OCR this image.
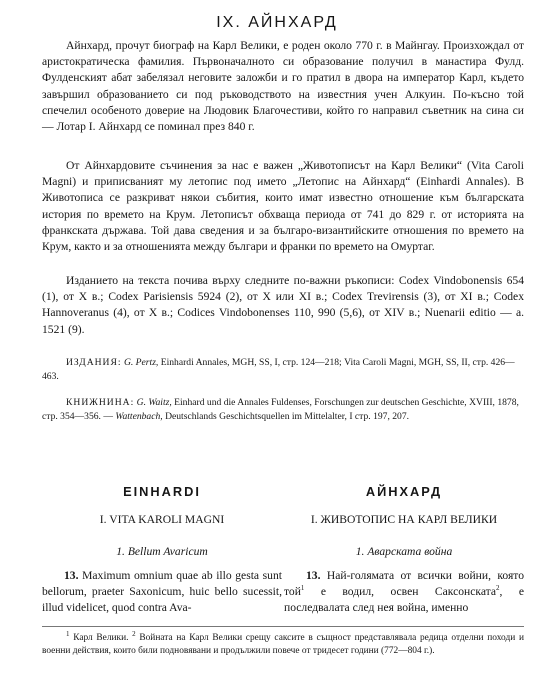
IX. АЙНХАРД

Айнхард, прочут биограф на Карл Велики, е роден около 770 г. в Майнгау. Произхождал от аристократическа фамилия. Първоначалното си образование получил в манастира Фулд. Фулденският абат забелязал неговите заложби и го пратил в двора на император Карл, където завършил образованието си под ръководството на известния учен Алкуин. По-късно той спечелил особеното доверие на Людовик Благочестиви, който го направил съветник на сина си — Лотар I. Айнхард се поминал през 840 г.

От Айнхардовите съчинения за нас е важен „Животописът на Карл Велики“ (Vita Caroli Magni) и приписваният му летопис под името „Летопис на Айнхард“ (Einhardi Annales). В Животописа се разкриват някои събития, които имат известно отношение към българската история по времето на Крум. Летописът обхваща периода от 741 до 829 г. от историята на франкската държава. Той дава сведения и за българо-византийските отношения по времето на Крум, както и за отношенията между българи и франки по времето на Омуртаг.

Изданието на текста почива върху следните по-важни ръкописи: Codex Vindobonensis 654 (1), от X в.; Codex Parisiensis 5924 (2), от X или XI в.; Codex Trevirensis (3), от XI в.; Codex Hannoveranus (4), от X в.; Codices Vindobonenses 110, 990 (5,6), от XIV в.; Nuenarii editio — а. 1521 (9).

ИЗДАНИЯ: G. Pertz, Einhardi Annales, MGH, SS, I, стр. 124—218; Vita Caroli Magni, MGH, SS, II, стр. 426—463.

КНИЖНИНА: G. Waitz, Einhard und die Annales Fuldenses, Forschungen zur deutschen Geschichte, XVIII, 1878, стр. 354—356. — Wattenbach, Deutschlands Geschichtsquellen im Mittelalter, I стр. 197, 207.

EINHARDI

I. VITA KAROLI MAGNI

1. Bellum Avaricum

13. Maximum omnium quae ab illo gesta sunt bellorum, praeter Saxonicum, huic bello sucessit, illud videlicet, quod contra Ava-

АЙНХАРД

I. ЖИВОТОПИС НА КАРЛ ВЕЛИКИ

1. Аварската война

13. Най-голямата от всички войни, която той$^1$ е водил, освен Саксонската$^2$, е последвалата след нея война, именно

$^1$ Карл Велики. $^2$ Войната на Карл Велики срещу саксите в същност представлявала редица отделни походи и военни действия, които били подновявани и продължили повече от тридесет години (772—804 г.).
